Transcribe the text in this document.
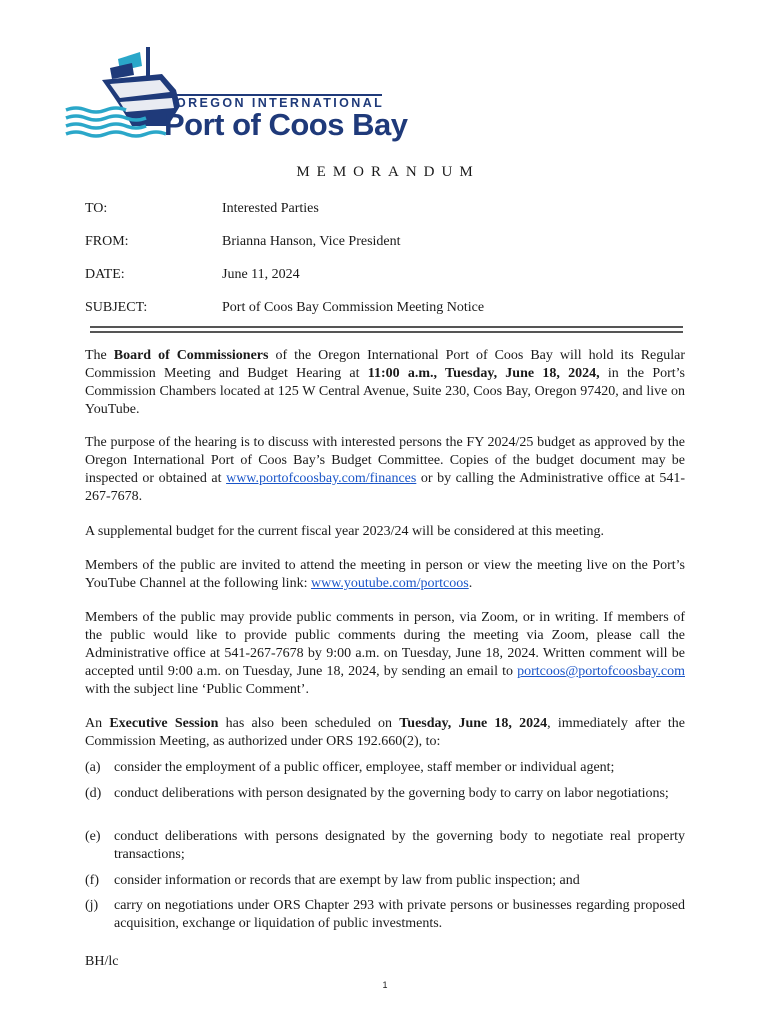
OREGON INTERNATIONAL
Port of Coos Bay
MEMORANDUM
TO:	Interested Parties
FROM:	Brianna Hanson, Vice President
DATE:	June 11, 2024
SUBJECT:	Port of Coos Bay Commission Meeting Notice
The Board of Commissioners of the Oregon International Port of Coos Bay will hold its Regular Commission Meeting and Budget Hearing at 11:00 a.m., Tuesday, June 18, 2024, in the Port’s Commission Chambers located at 125 W Central Avenue, Suite 230, Coos Bay, Oregon 97420, and live on YouTube.
The purpose of the hearing is to discuss with interested persons the FY 2024/25 budget as approved by the Oregon International Port of Coos Bay’s Budget Committee. Copies of the budget document may be inspected or obtained at www.portofcoosbay.com/finances or by calling the Administrative office at 541-267-7678.
A supplemental budget for the current fiscal year 2023/24 will be considered at this meeting.
Members of the public are invited to attend the meeting in person or view the meeting live on the Port’s YouTube Channel at the following link: www.youtube.com/portcoos.
Members of the public may provide public comments in person, via Zoom, or in writing. If members of the public would like to provide public comments during the meeting via Zoom, please call the Administrative office at 541-267-7678 by 9:00 a.m. on Tuesday, June 18, 2024. Written comment will be accepted until 9:00 a.m. on Tuesday, June 18, 2024, by sending an email to portcoos@portofcoosbay.com with the subject line ‘Public Comment’.
An Executive Session has also been scheduled on Tuesday, June 18, 2024, immediately after the Commission Meeting, as authorized under ORS 192.660(2), to:
(a) consider the employment of a public officer, employee, staff member or individual agent;
(d) conduct deliberations with person designated by the governing body to carry on labor negotiations;
(e) conduct deliberations with persons designated by the governing body to negotiate real property transactions;
(f) consider information or records that are exempt by law from public inspection; and
(j) carry on negotiations under ORS Chapter 293 with private persons or businesses regarding proposed acquisition, exchange or liquidation of public investments.
BH/lc
1
